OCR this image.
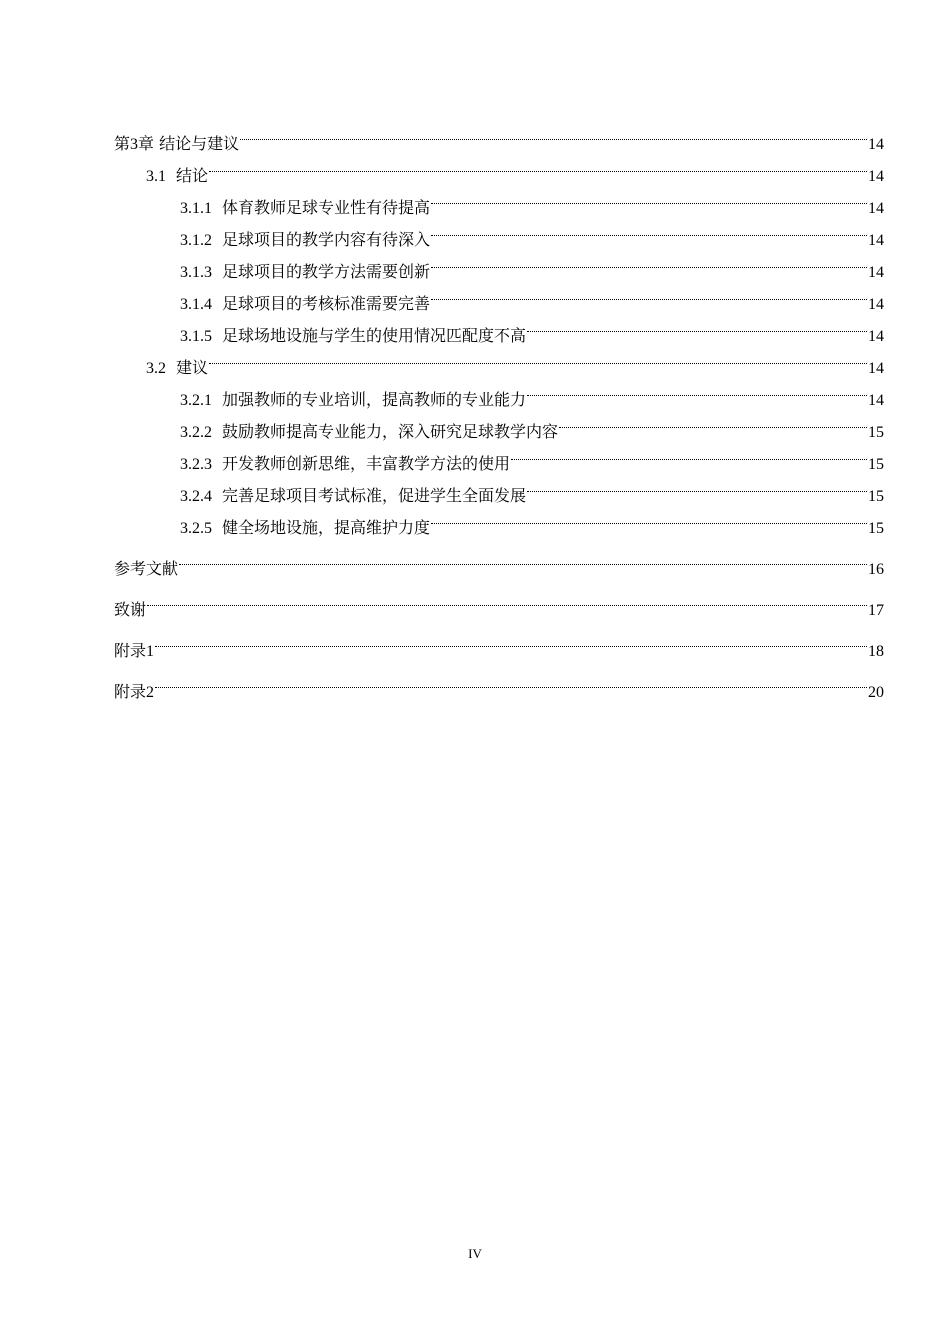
第3章 结论与建议	14
3.1 结论	14
3.1.1 体育教师足球专业性有待提高	14
3.1.2 足球项目的教学内容有待深入	14
3.1.3 足球项目的教学方法需要创新	14
3.1.4 足球项目的考核标准需要完善	14
3.1.5 足球场地设施与学生的使用情况匹配度不高	14
3.2 建议	14
3.2.1 加强教师的专业培训，提高教师的专业能力	14
3.2.2 鼓励教师提高专业能力，深入研究足球教学内容	15
3.2.3 开发教师创新思维，丰富教学方法的使用	15
3.2.4 完善足球项目考试标准，促进学生全面发展	15
3.2.5 健全场地设施，提高维护力度	15
参考文献	16
致谢	17
附录1	18
附录2	20
IV
